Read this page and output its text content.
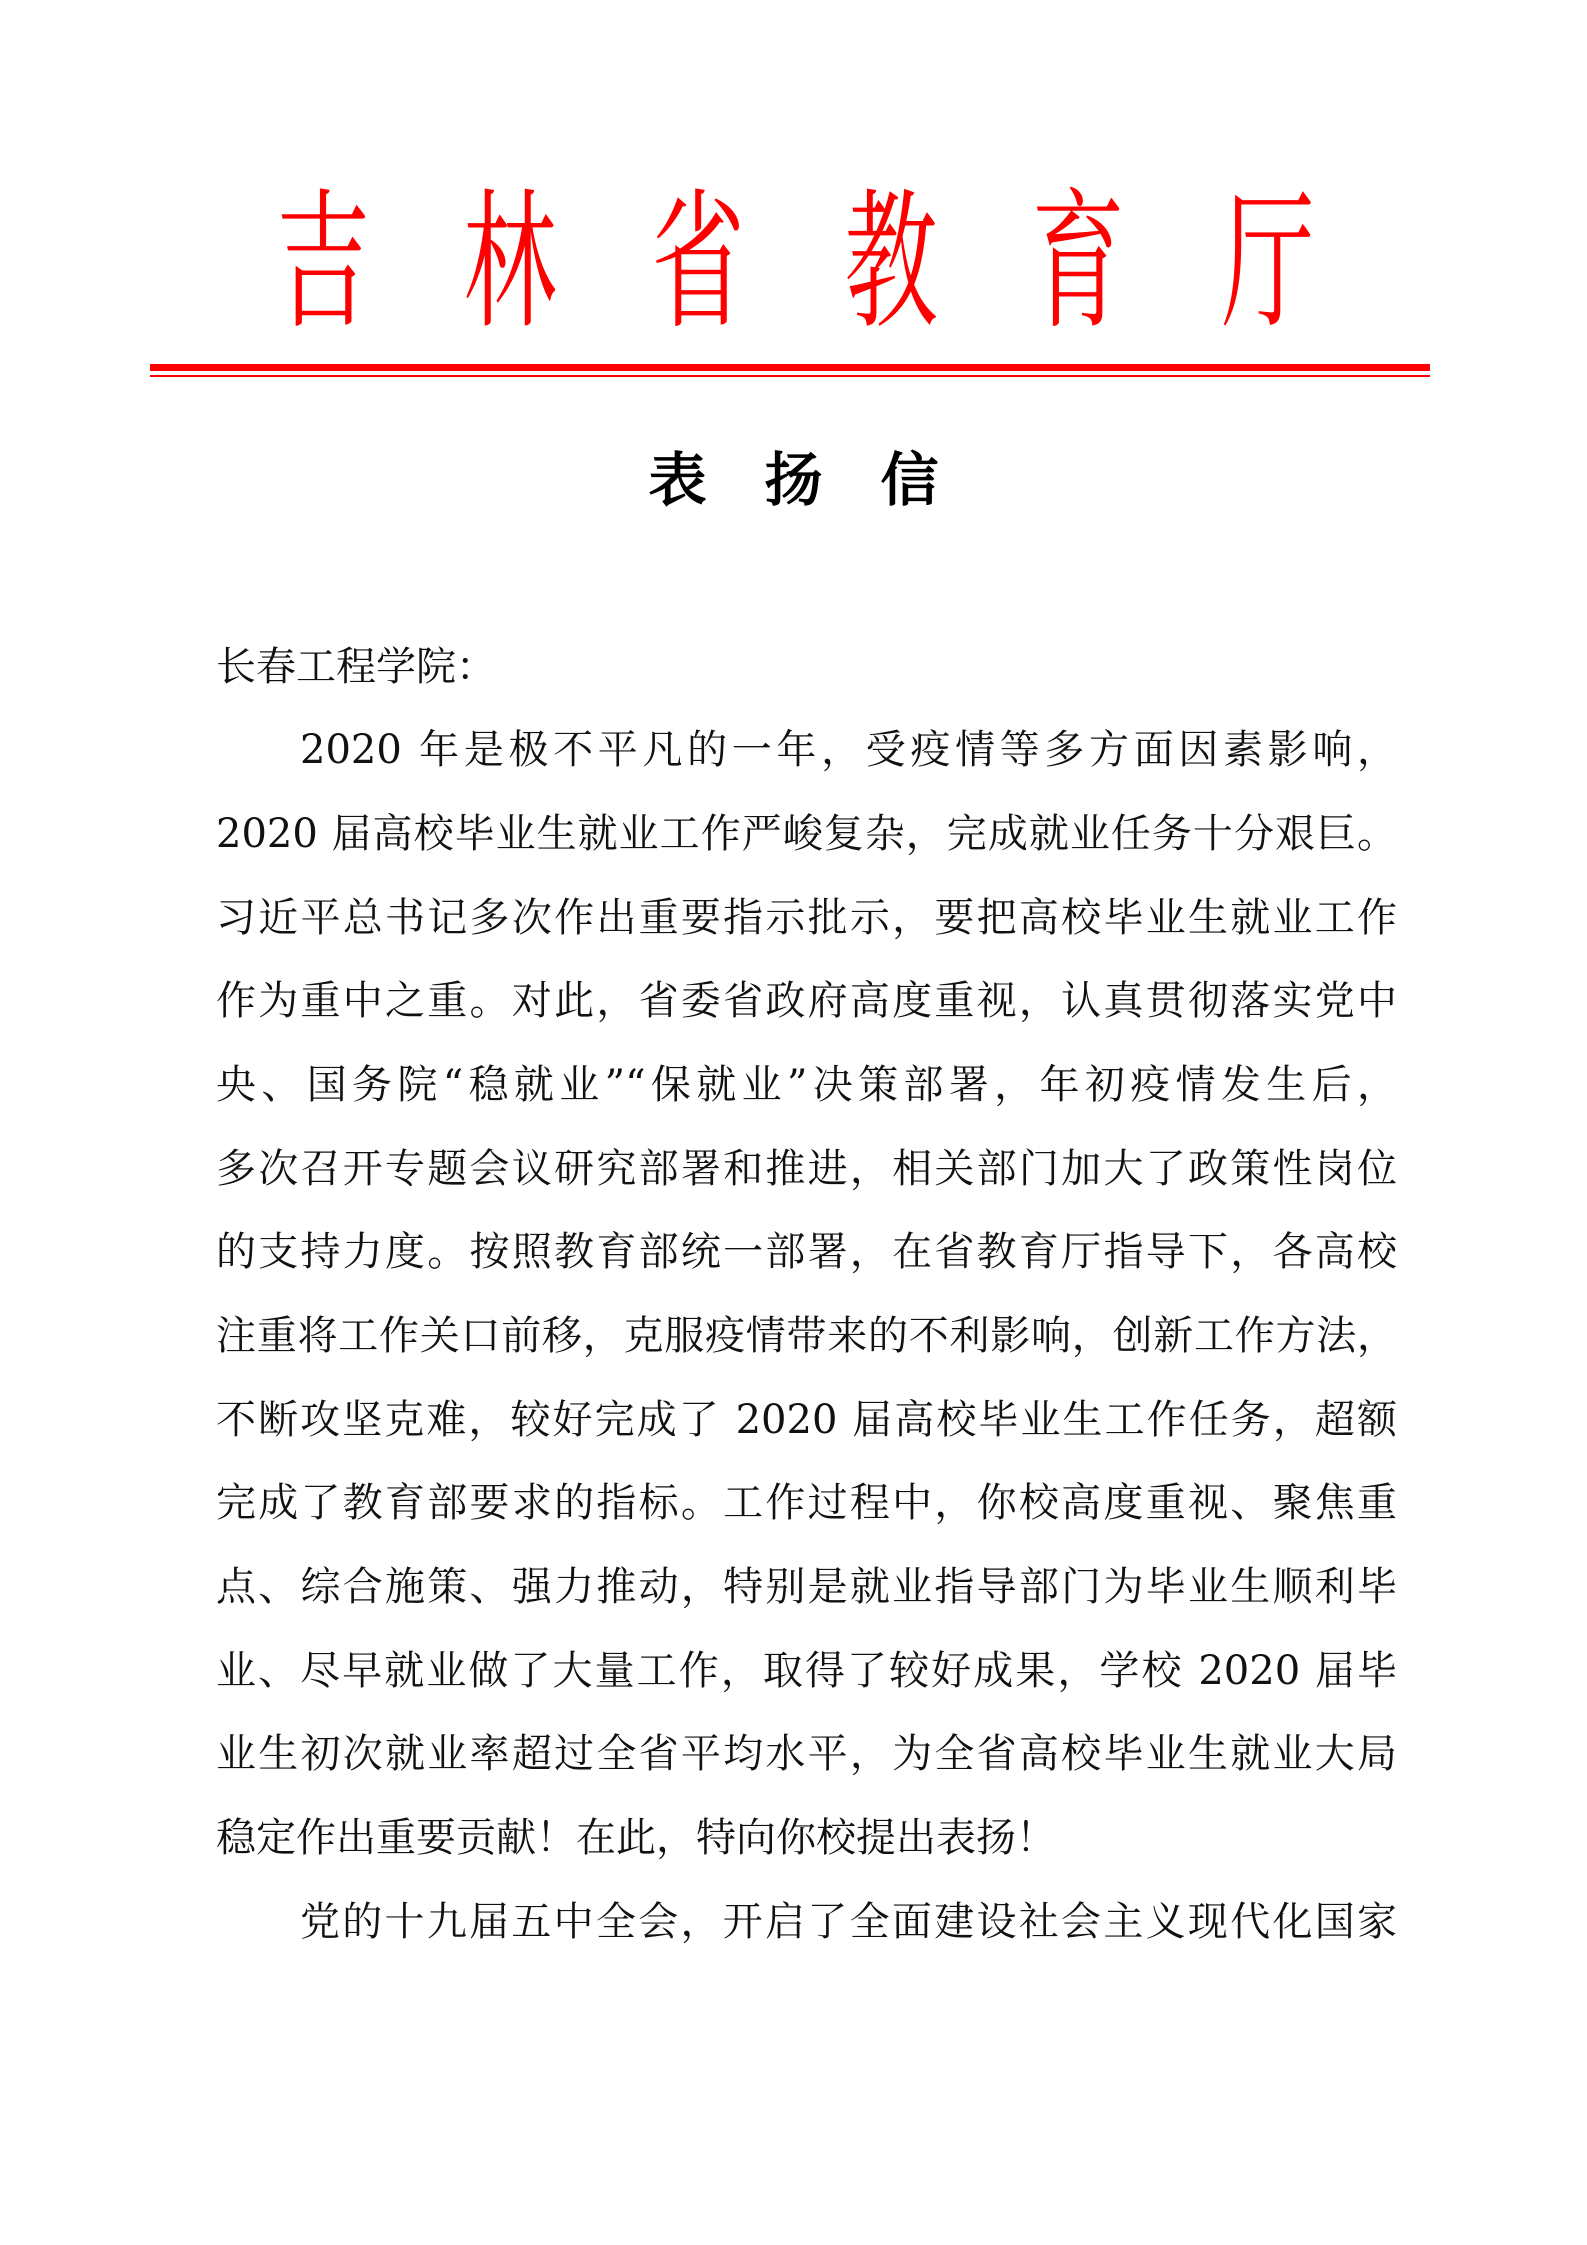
吉 林 省 教 育 厅
表扬信
长春工程学院：
2020 年是极不平凡的一年，受疫情等多方面因素影响，
2020 届高校毕业生就业工作严峻复杂，完成就业任务十分艰巨。
习近平总书记多次作出重要指示批示，要把高校毕业生就业工作
作为重中之重。对此，省委省政府高度重视，认真贯彻落实党中
央、国务院“稳就业”“保就业”决策部署，年初疫情发生后，
多次召开专题会议研究部署和推进，相关部门加大了政策性岗位
的支持力度。按照教育部统一部署，在省教育厅指导下，各高校
注重将工作关口前移，克服疫情带来的不利影响，创新工作方法，
不断攻坚克难，较好完成了 2020 届高校毕业生工作任务，超额
完成了教育部要求的指标。工作过程中，你校高度重视、聚焦重
点、综合施策、强力推动，特别是就业指导部门为毕业生顺利毕
业、尽早就业做了大量工作，取得了较好成果，学校 2020 届毕
业生初次就业率超过全省平均水平，为全省高校毕业生就业大局
稳定作出重要贡献！在此，特向你校提出表扬！
党的十九届五中全会，开启了全面建设社会主义现代化国家
